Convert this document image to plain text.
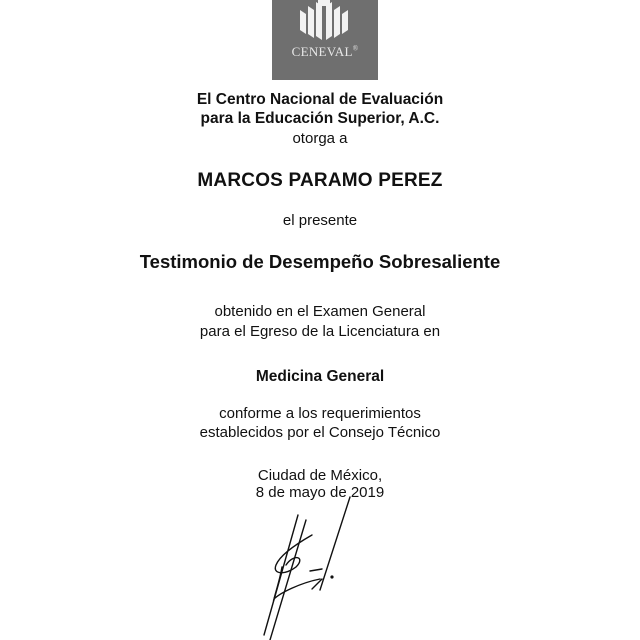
CENEVAL®
El Centro Nacional de Evaluación
para la Educación Superior, A.C.
otorga a
MARCOS PARAMO PEREZ
el presente
Testimonio de Desempeño Sobresaliente
obtenido en el Examen General
para el Egreso de la Licenciatura en
Medicina General
conforme a los requerimientos
establecidos por el Consejo Técnico
Ciudad de México,
8 de mayo de 2019
